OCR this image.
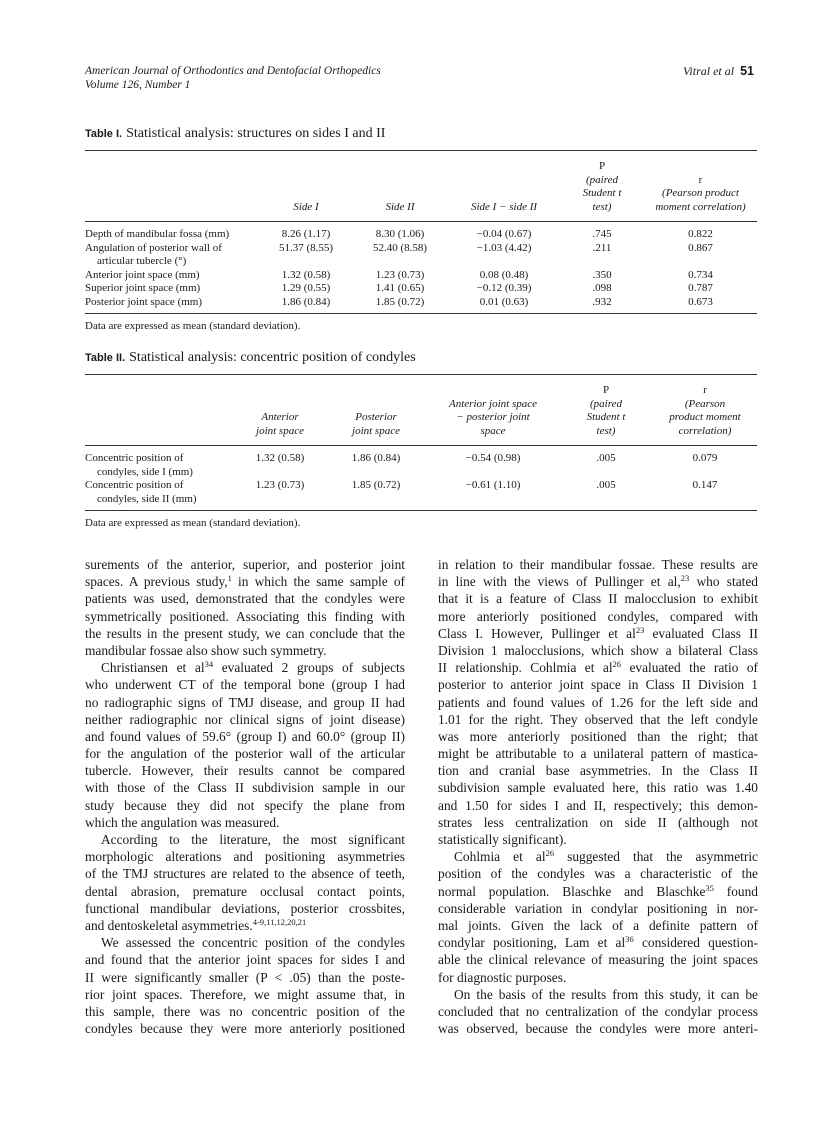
American Journal of Orthodontics and Dentofacial Orthopedics
Volume 126, Number 1
Vitral et al 51
Table I. Statistical analysis: structures on sides I and II

	Side I	Side II	Side I − side II	P
(paired
Student t
test)	r
(Pearson product
moment correlation)

Depth of mandibular fossa (mm)	8.26 (1.17)	8.30 (1.06)	−0.04 (0.67)	.745	0.822
Angulation of posterior wall of
articular tubercle (°)	51.37 (8.55)	52.40 (8.58)	−1.03 (4.42)	.211	0.867
Anterior joint space (mm)	1.32 (0.58)	1.23 (0.73)	0.08 (0.48)	.350	0.734
Superior joint space (mm)	1.29 (0.55)	1.41 (0.65)	−0.12 (0.39)	.098	0.787
Posterior joint space (mm)	1.86 (0.84)	1.85 (0.72)	0.01 (0.63)	.932	0.673
Data are expressed as mean (standard deviation).
Table II. Statistical analysis: concentric position of condyles

	Anterior
joint space	Posterior
joint space	Anterior joint space
− posterior joint
space	P
(paired
Student t
test)	r
(Pearson
product moment
correlation)

Concentric position of
condyles, side I (mm)	1.32 (0.58)	1.86 (0.84)	−0.54 (0.98)	.005	0.079
Concentric position of
condyles, side II (mm)	1.23 (0.73)	1.85 (0.72)	−0.61 (1.10)	.005	0.147
Data are expressed as mean (standard deviation).
surements of the anterior, superior, and posterior joint
spaces. A previous study,$^1$ in which the same sample of
patients was used, demonstrated that the condyles were
symmetrically positioned. Associating this finding with
the results in the present study, we can conclude that the
mandibular fossae also show such symmetry.
Christiansen et $al^{34}$ evaluated 2 groups of subjects
who underwent CT of the temporal bone (group I had
no radiographic signs of TMJ disease, and group II had
neither radiographic nor clinical signs of joint disease)
and found values of 59.6° (group I) and 60.0° (group II)
for the angulation of the posterior wall of the articular
tubercle. However, their results cannot be compared
with those of the Class II subdivision sample in our
study because they did not specify the plane from
which the angulation was measured.
According to the literature, the most significant
morphologic alterations and positioning asymmetries
of the TMJ structures are related to the absence of teeth,
dental abrasion, premature occlusal contact points,
functional mandibular deviations, posterior crossbites,
and dentoskeletal asymmetries.$^{4-9,11,12,20,21}$
We assessed the concentric position of the condyles
and found that the anterior joint spaces for sides I and
II were significantly smaller (P < .05) than the poste-
rior joint spaces. Therefore, we might assume that, in
this sample, there was no concentric position of the
condyles because they were more anteriorly positioned
in relation to their mandibular fossae. These results are
in line with the views of Pullinger et al,$^{23}$ who stated
that it is a feature of Class II malocclusion to exhibit
more anteriorly positioned condyles, compared with
Class I. However, Pullinger et $al^{23}$ evaluated Class II
Division 1 malocclusions, which show a bilateral Class
II relationship. Cohlmia et $al^{26}$ evaluated the ratio of
posterior to anterior joint space in Class II Division 1
patients and found values of 1.26 for the left side and
1.01 for the right. They observed that the left condyle
was more anteriorly positioned than the right; that
might be attributable to a unilateral pattern of mastica-
tion and cranial base asymmetries. In the Class II
subdivision sample evaluated here, this ratio was 1.40
and 1.50 for sides I and II, respectively; this demon-
strates less centralization on side II (although not
statistically significant).
Cohlmia et $al^{26}$ suggested that the asymmetric
position of the condyles was a characteristic of the
normal population. Blaschke and Blaschke$^{35}$ found
considerable variation in condylar positioning in nor-
mal joints. Given the lack of a definite pattern of
condylar positioning, Lam et $al^{36}$ considered question-
able the clinical relevance of measuring the joint spaces
for diagnostic purposes.
On the basis of the results from this study, it can be
concluded that no centralization of the condylar process
was observed, because the condyles were more anteri-
